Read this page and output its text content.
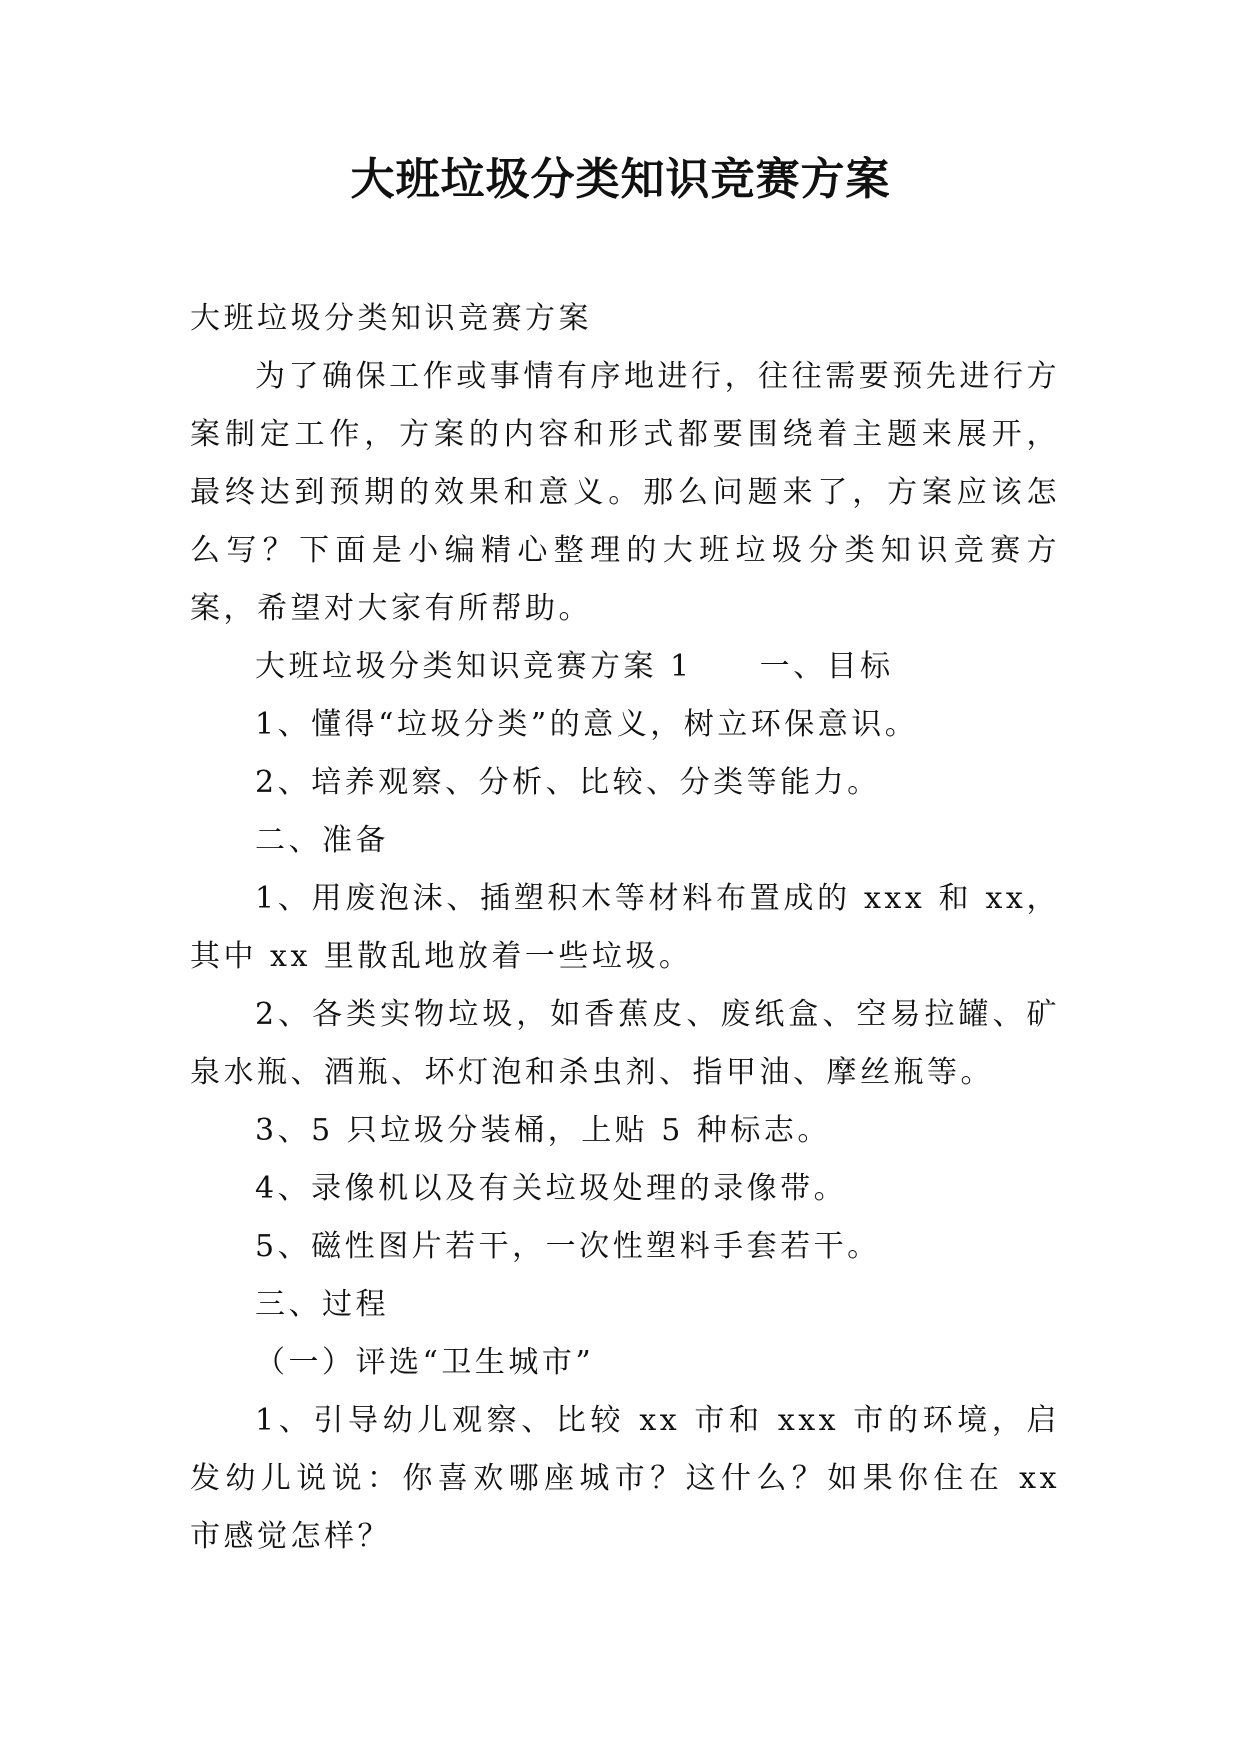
大班垃圾分类知识竞赛方案

大班垃圾分类知识竞赛方案

为了确保工作或事情有序地进行，往往需要预先进行方案制定工作，方案的内容和形式都要围绕着主题来展开，最终达到预期的效果和意义。那么问题来了，方案应该怎么写？下面是小编精心整理的大班垃圾分类知识竞赛方案，希望对大家有所帮助。

大班垃圾分类知识竞赛方案 1　　一、目标

1、懂得“垃圾分类”的意义，树立环保意识。

2、培养观察、分析、比较、分类等能力。

二、准备

1、用废泡沫、插塑积木等材料布置成的 xxx 和 xx，其中 xx 里散乱地放着一些垃圾。

2、各类实物垃圾，如香蕉皮、废纸盒、空易拉罐、矿泉水瓶、酒瓶、坏灯泡和杀虫剂、指甲油、摩丝瓶等。

3、5 只垃圾分装桶，上贴 5 种标志。

4、录像机以及有关垃圾处理的录像带。

5、磁性图片若干，一次性塑料手套若干。

三、过程

（一）评选“卫生城市”

1、引导幼儿观察、比较 xx 市和 xxx 市的环境，启发幼儿说说：你喜欢哪座城市？这什么？如果你住在 xx 市感觉怎样？
